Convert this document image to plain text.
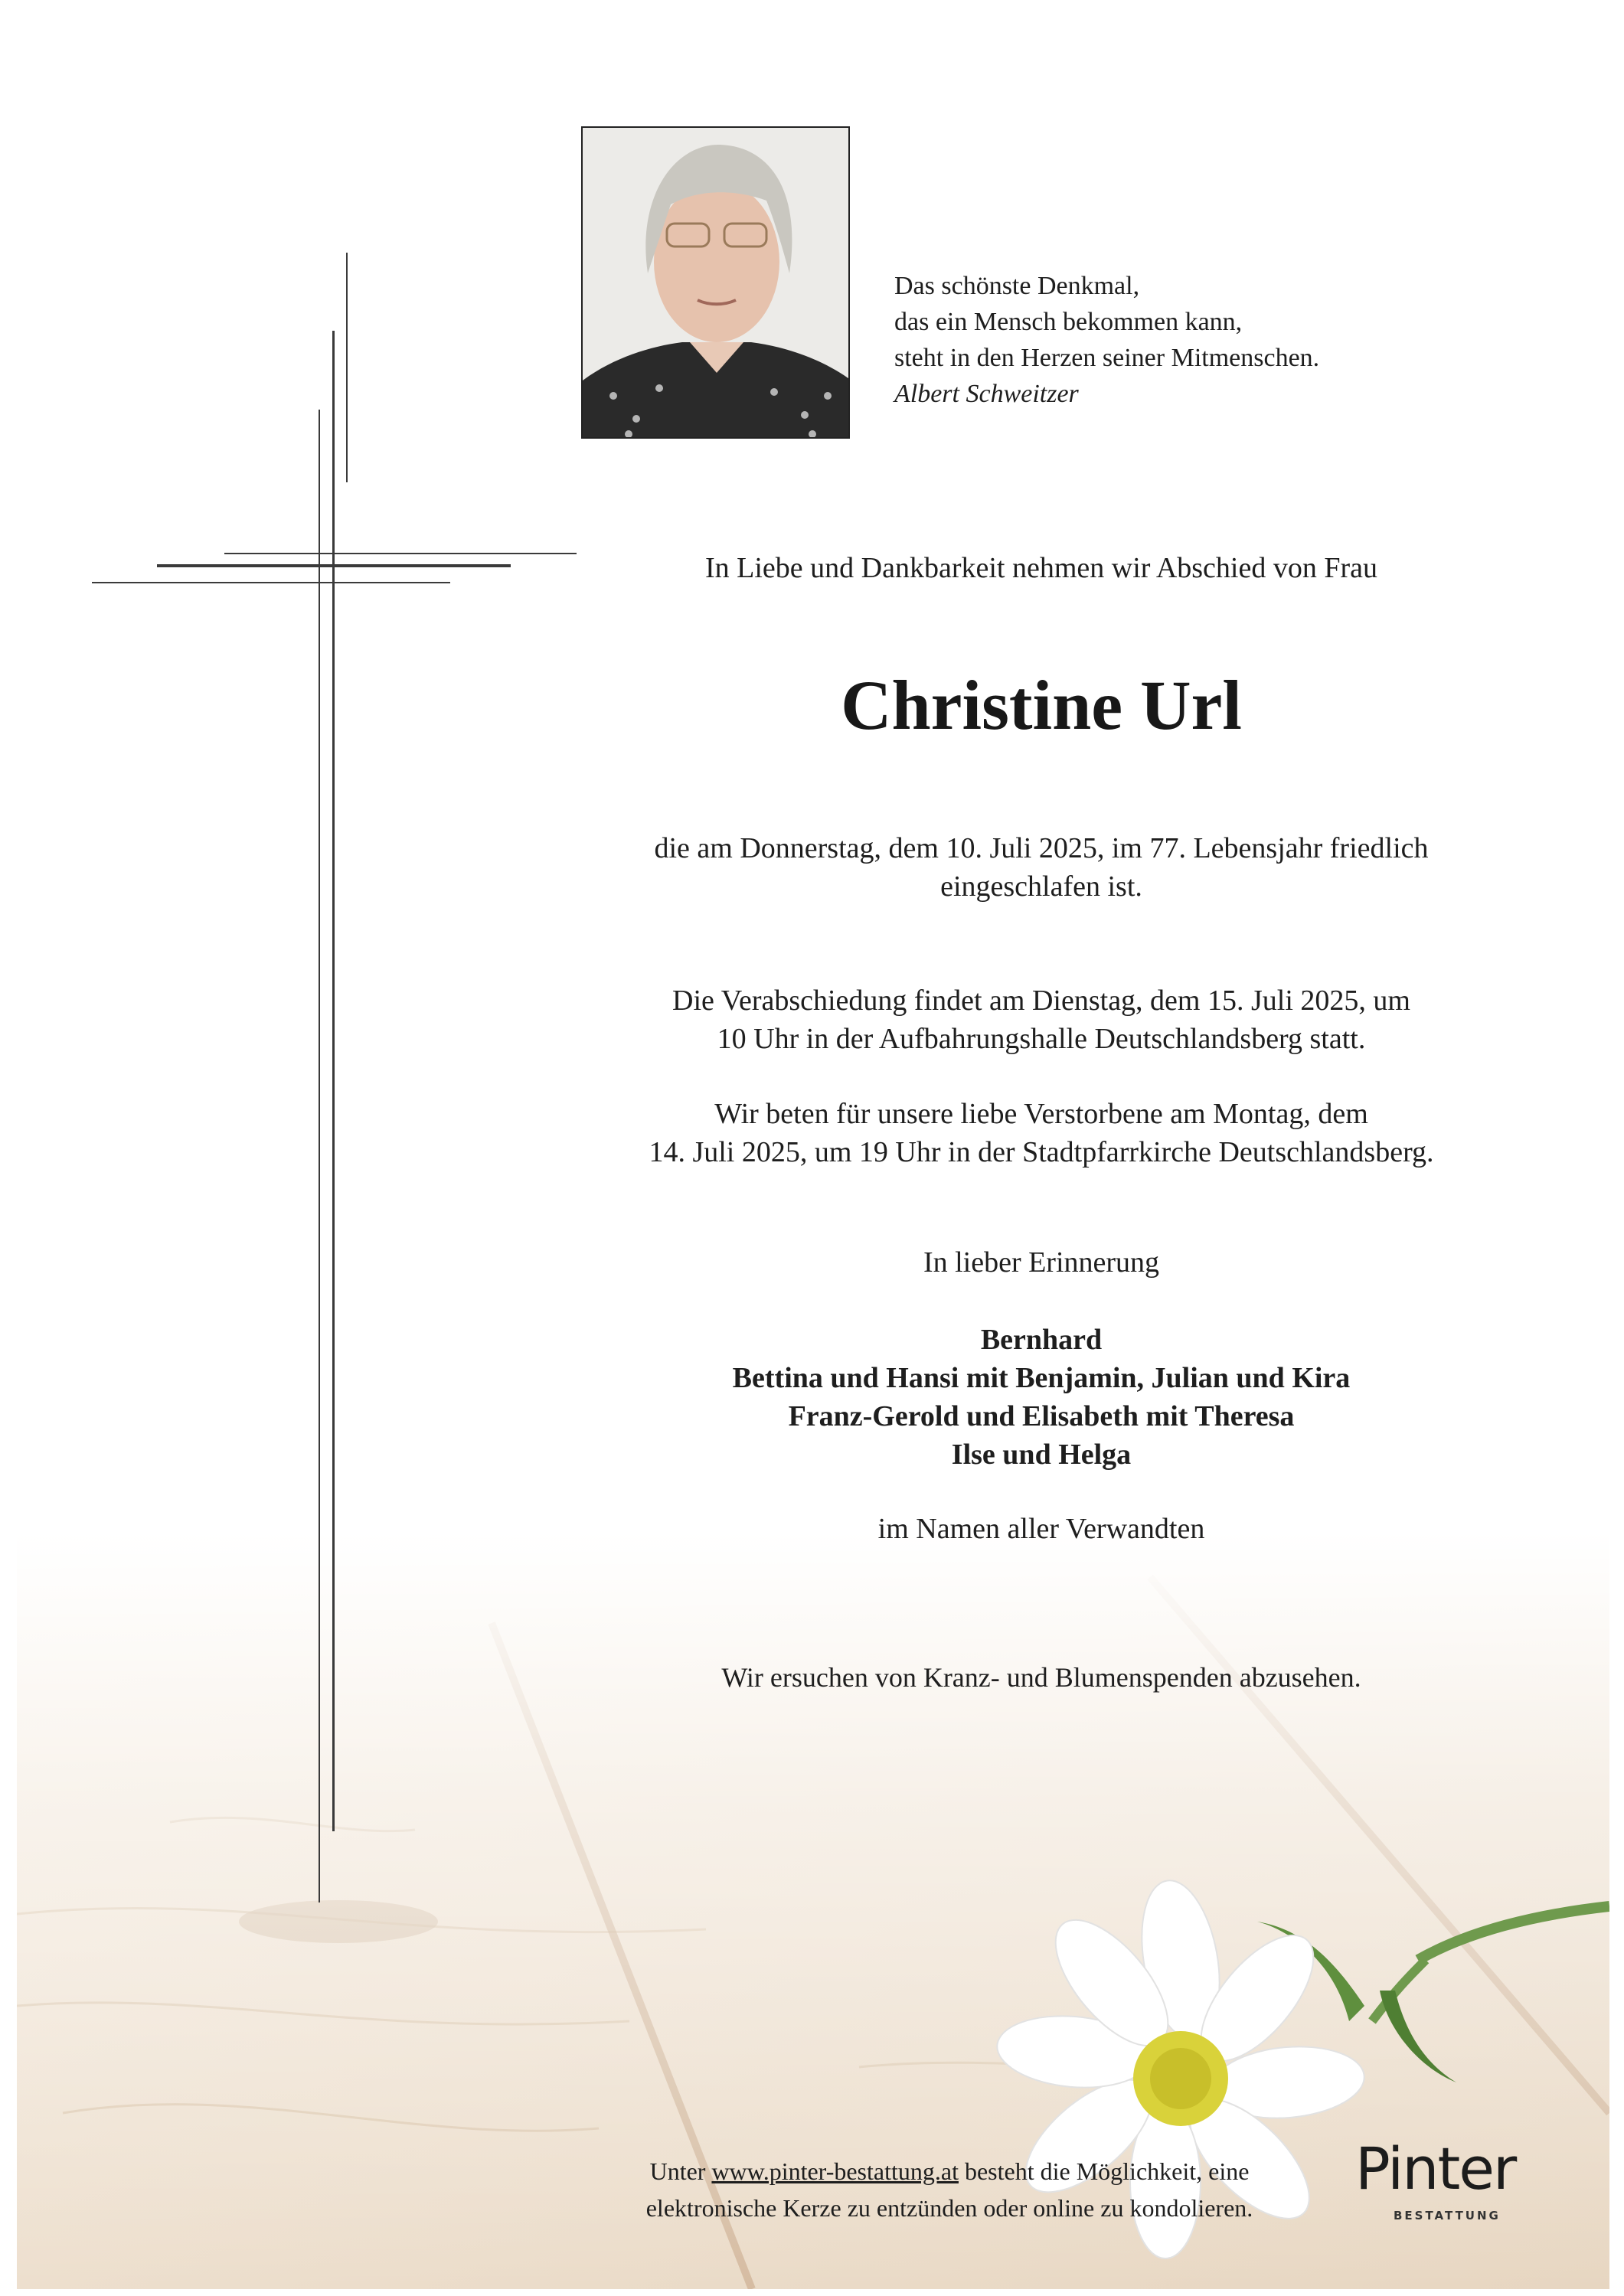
Das schönste Denkmal,
das ein Mensch bekommen kann,
steht in den Herzen seiner Mitmenschen.
Albert Schweitzer

In Liebe und Dankbarkeit nehmen wir Abschied von Frau

Christine Url

die am Donnerstag, dem 10. Juli 2025, im 77. Lebensjahr friedlich
eingeschlafen ist.

Die Verabschiedung findet am Dienstag, dem 15. Juli 2025, um
10 Uhr in der Aufbahrungshalle Deutschlandsberg statt.

Wir beten für unsere liebe Verstorbene am Montag, dem
14. Juli 2025, um 19 Uhr in der Stadtpfarrkirche Deutschlandsberg.

In lieber Erinnerung

Bernhard
Bettina und Hansi mit Benjamin, Julian und Kira
Franz-Gerold und Elisabeth mit Theresa
Ilse und Helga

im Namen aller Verwandten

Wir ersuchen von Kranz- und Blumenspenden abzusehen.

Unter www.pinter-bestattung.at besteht die Möglichkeit, eine
elektronische Kerze zu entzünden oder online zu kondolieren.

Pinter
BESTATTUNG
